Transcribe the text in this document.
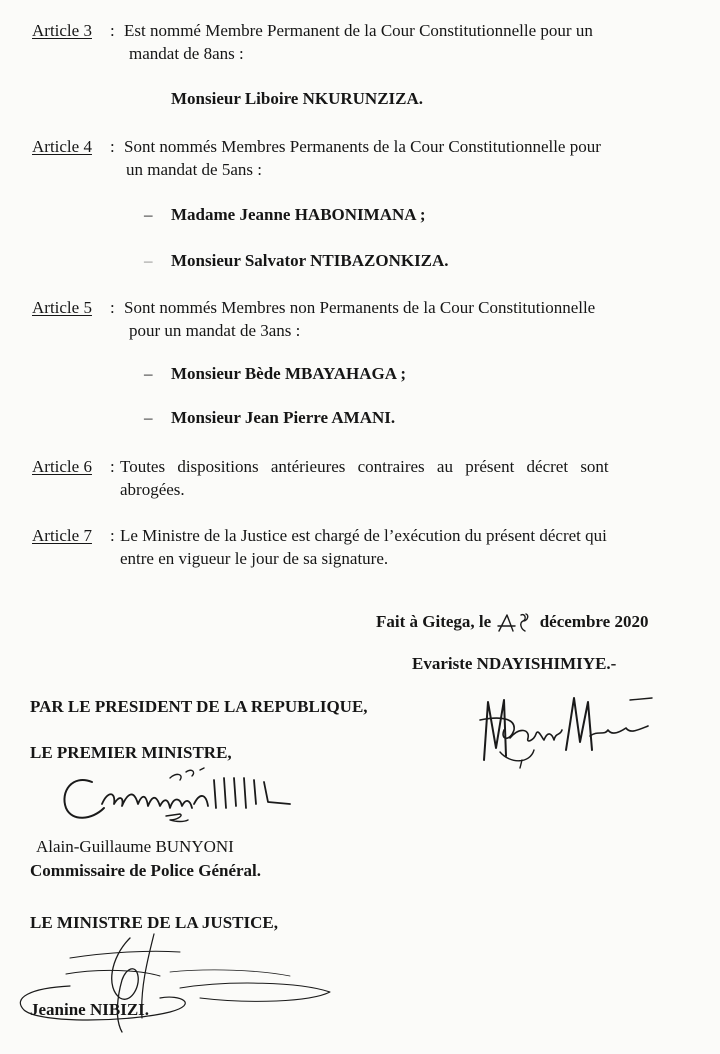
Article 3 : Est nommé Membre Permanent de la Cour Constitutionnelle pour un
mandat de 8ans :
Monsieur Liboire NKURUNZIZA.
Article 4 : Sont nommés Membres Permanents de la Cour Constitutionnelle pour
un mandat de 5ans :
– Madame Jeanne HABONIMANA ;
– Monsieur Salvator NTIBAZONKIZA.
Article 5 : Sont nommés Membres non Permanents de la Cour Constitutionnelle
pour un mandat de 3ans :
– Monsieur Bède MBAYAHAGA ;
– Monsieur Jean Pierre AMANI.
Article 6 : Toutes dispositions antérieures contraires au présent décret sont
abrogées.
Article 7 : Le Ministre de la Justice est chargé de l’exécution du présent décret qui
entre en vigueur le jour de sa signature.
Fait à Gitega, le	décembre 2020
Evariste NDAYISHIMIYE.-
PAR LE PRESIDENT DE LA REPUBLIQUE,
LE PREMIER MINISTRE,
Alain-Guillaume BUNYONI
Commissaire de Police Général.
LE MINISTRE DE LA JUSTICE,
Jeanine NIBIZI.
